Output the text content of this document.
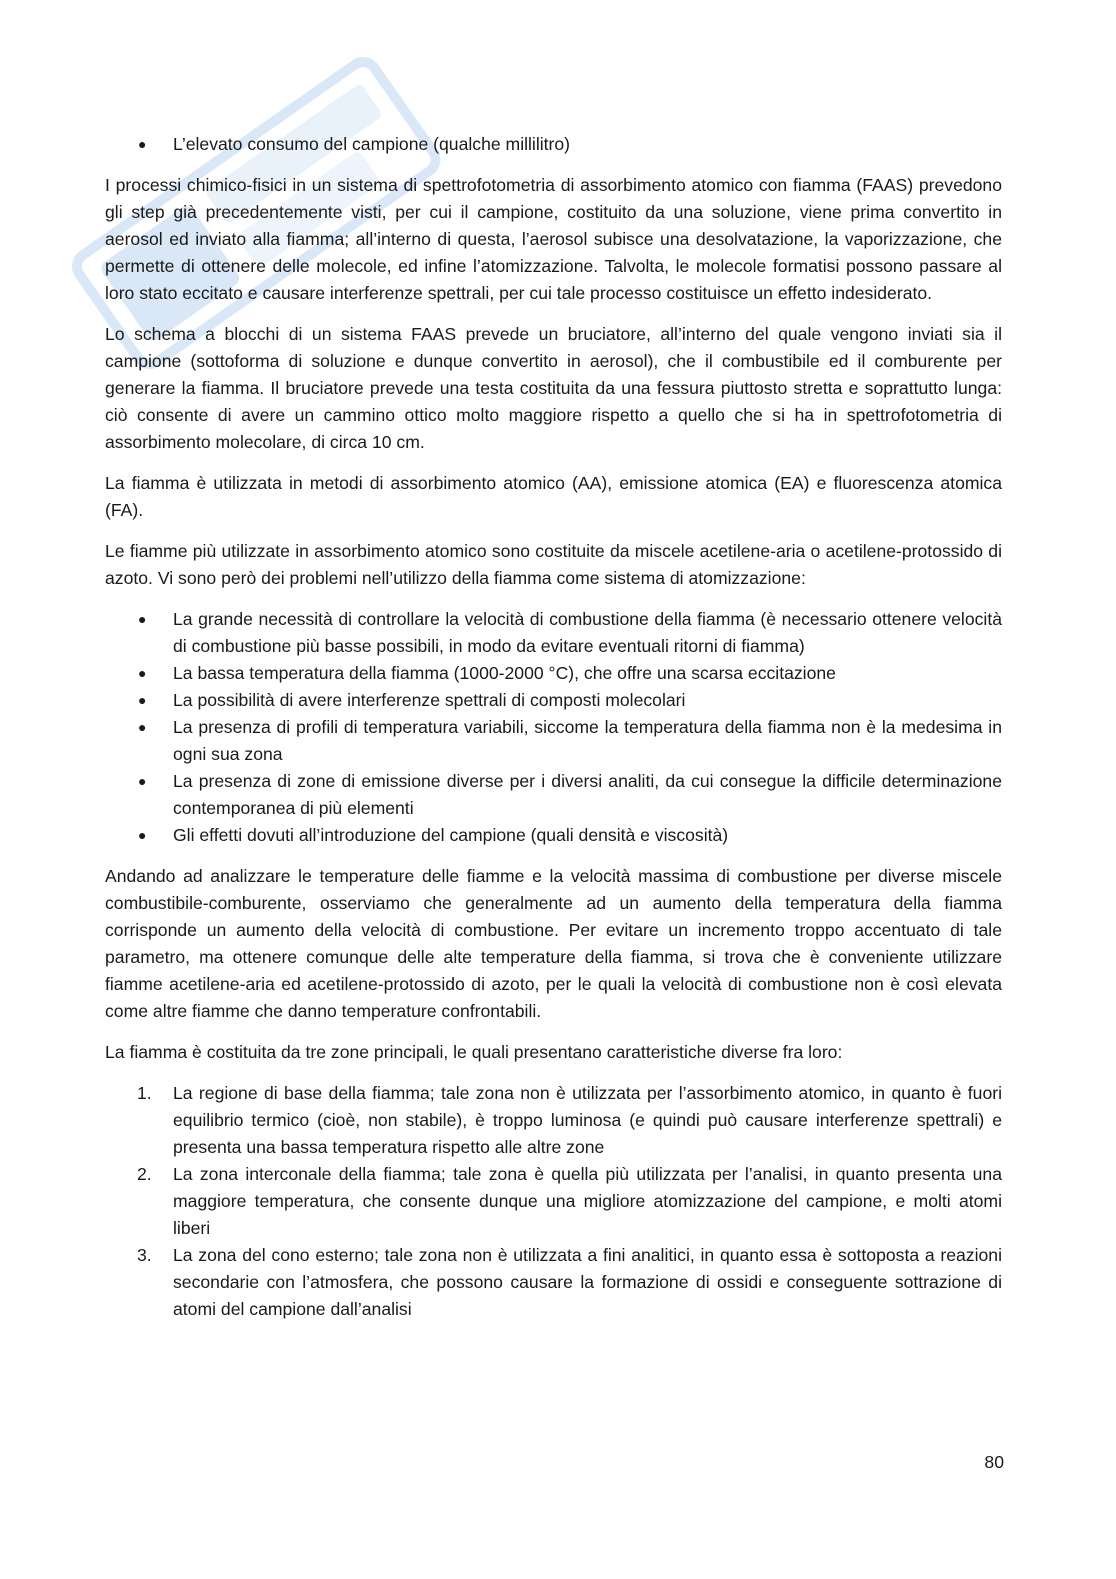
● L’elevato consumo del campione (qualche millilitro)

I processi chimico-fisici in un sistema di spettrofotometria di assorbimento atomico con fiamma (FAAS) prevedono gli step già precedentemente visti, per cui il campione, costituito da una soluzione, viene prima convertito in aerosol ed inviato alla fiamma; all’interno di questa, l’aerosol subisce una desolvatazione, la vaporizzazione, che permette di ottenere delle molecole, ed infine l’atomizzazione. Talvolta, le molecole formatisi possono passare al loro stato eccitato e causare interferenze spettrali, per cui tale processo costituisce un effetto indesiderato.

Lo schema a blocchi di un sistema FAAS prevede un bruciatore, all’interno del quale vengono inviati sia il campione (sottoforma di soluzione e dunque convertito in aerosol), che il combustibile ed il comburente per generare la fiamma. Il bruciatore prevede una testa costituita da una fessura piuttosto stretta e soprattutto lunga: ciò consente di avere un cammino ottico molto maggiore rispetto a quello che si ha in spettrofotometria di assorbimento molecolare, di circa 10 cm.

La fiamma è utilizzata in metodi di assorbimento atomico (AA), emissione atomica (EA) e fluorescenza atomica (FA).

Le fiamme più utilizzate in assorbimento atomico sono costituite da miscele acetilene-aria o acetilene-protossido di azoto. Vi sono però dei problemi nell’utilizzo della fiamma come sistema di atomizzazione:

● La grande necessità di controllare la velocità di combustione della fiamma (è necessario ottenere velocità di combustione più basse possibili, in modo da evitare eventuali ritorni di fiamma)
● La bassa temperatura della fiamma (1000-2000 °C), che offre una scarsa eccitazione
● La possibilità di avere interferenze spettrali di composti molecolari
● La presenza di profili di temperatura variabili, siccome la temperatura della fiamma non è la medesima in ogni sua zona
● La presenza di zone di emissione diverse per i diversi analiti, da cui consegue la difficile determinazione contemporanea di più elementi
● Gli effetti dovuti all’introduzione del campione (quali densità e viscosità)

Andando ad analizzare le temperature delle fiamme e la velocità massima di combustione per diverse miscele combustibile-comburente, osserviamo che generalmente ad un aumento della temperatura della fiamma corrisponde un aumento della velocità di combustione. Per evitare un incremento troppo accentuato di tale parametro, ma ottenere comunque delle alte temperature della fiamma, si trova che è conveniente utilizzare fiamme acetilene-aria ed acetilene-protossido di azoto, per le quali la velocità di combustione non è così elevata come altre fiamme che danno temperature confrontabili.

La fiamma è costituita da tre zone principali, le quali presentano caratteristiche diverse fra loro:

1. La regione di base della fiamma; tale zona non è utilizzata per l’assorbimento atomico, in quanto è fuori equilibrio termico (cioè, non stabile), è troppo luminosa (e quindi può causare interferenze spettrali) e presenta una bassa temperatura rispetto alle altre zone
2. La zona interconale della fiamma; tale zona è quella più utilizzata per l’analisi, in quanto presenta una maggiore temperatura, che consente dunque una migliore atomizzazione del campione, e molti atomi liberi
3. La zona del cono esterno; tale zona non è utilizzata a fini analitici, in quanto essa è sottoposta a reazioni secondarie con l’atmosfera, che possono causare la formazione di ossidi e conseguente sottrazione di atomi del campione dall’analisi
80
